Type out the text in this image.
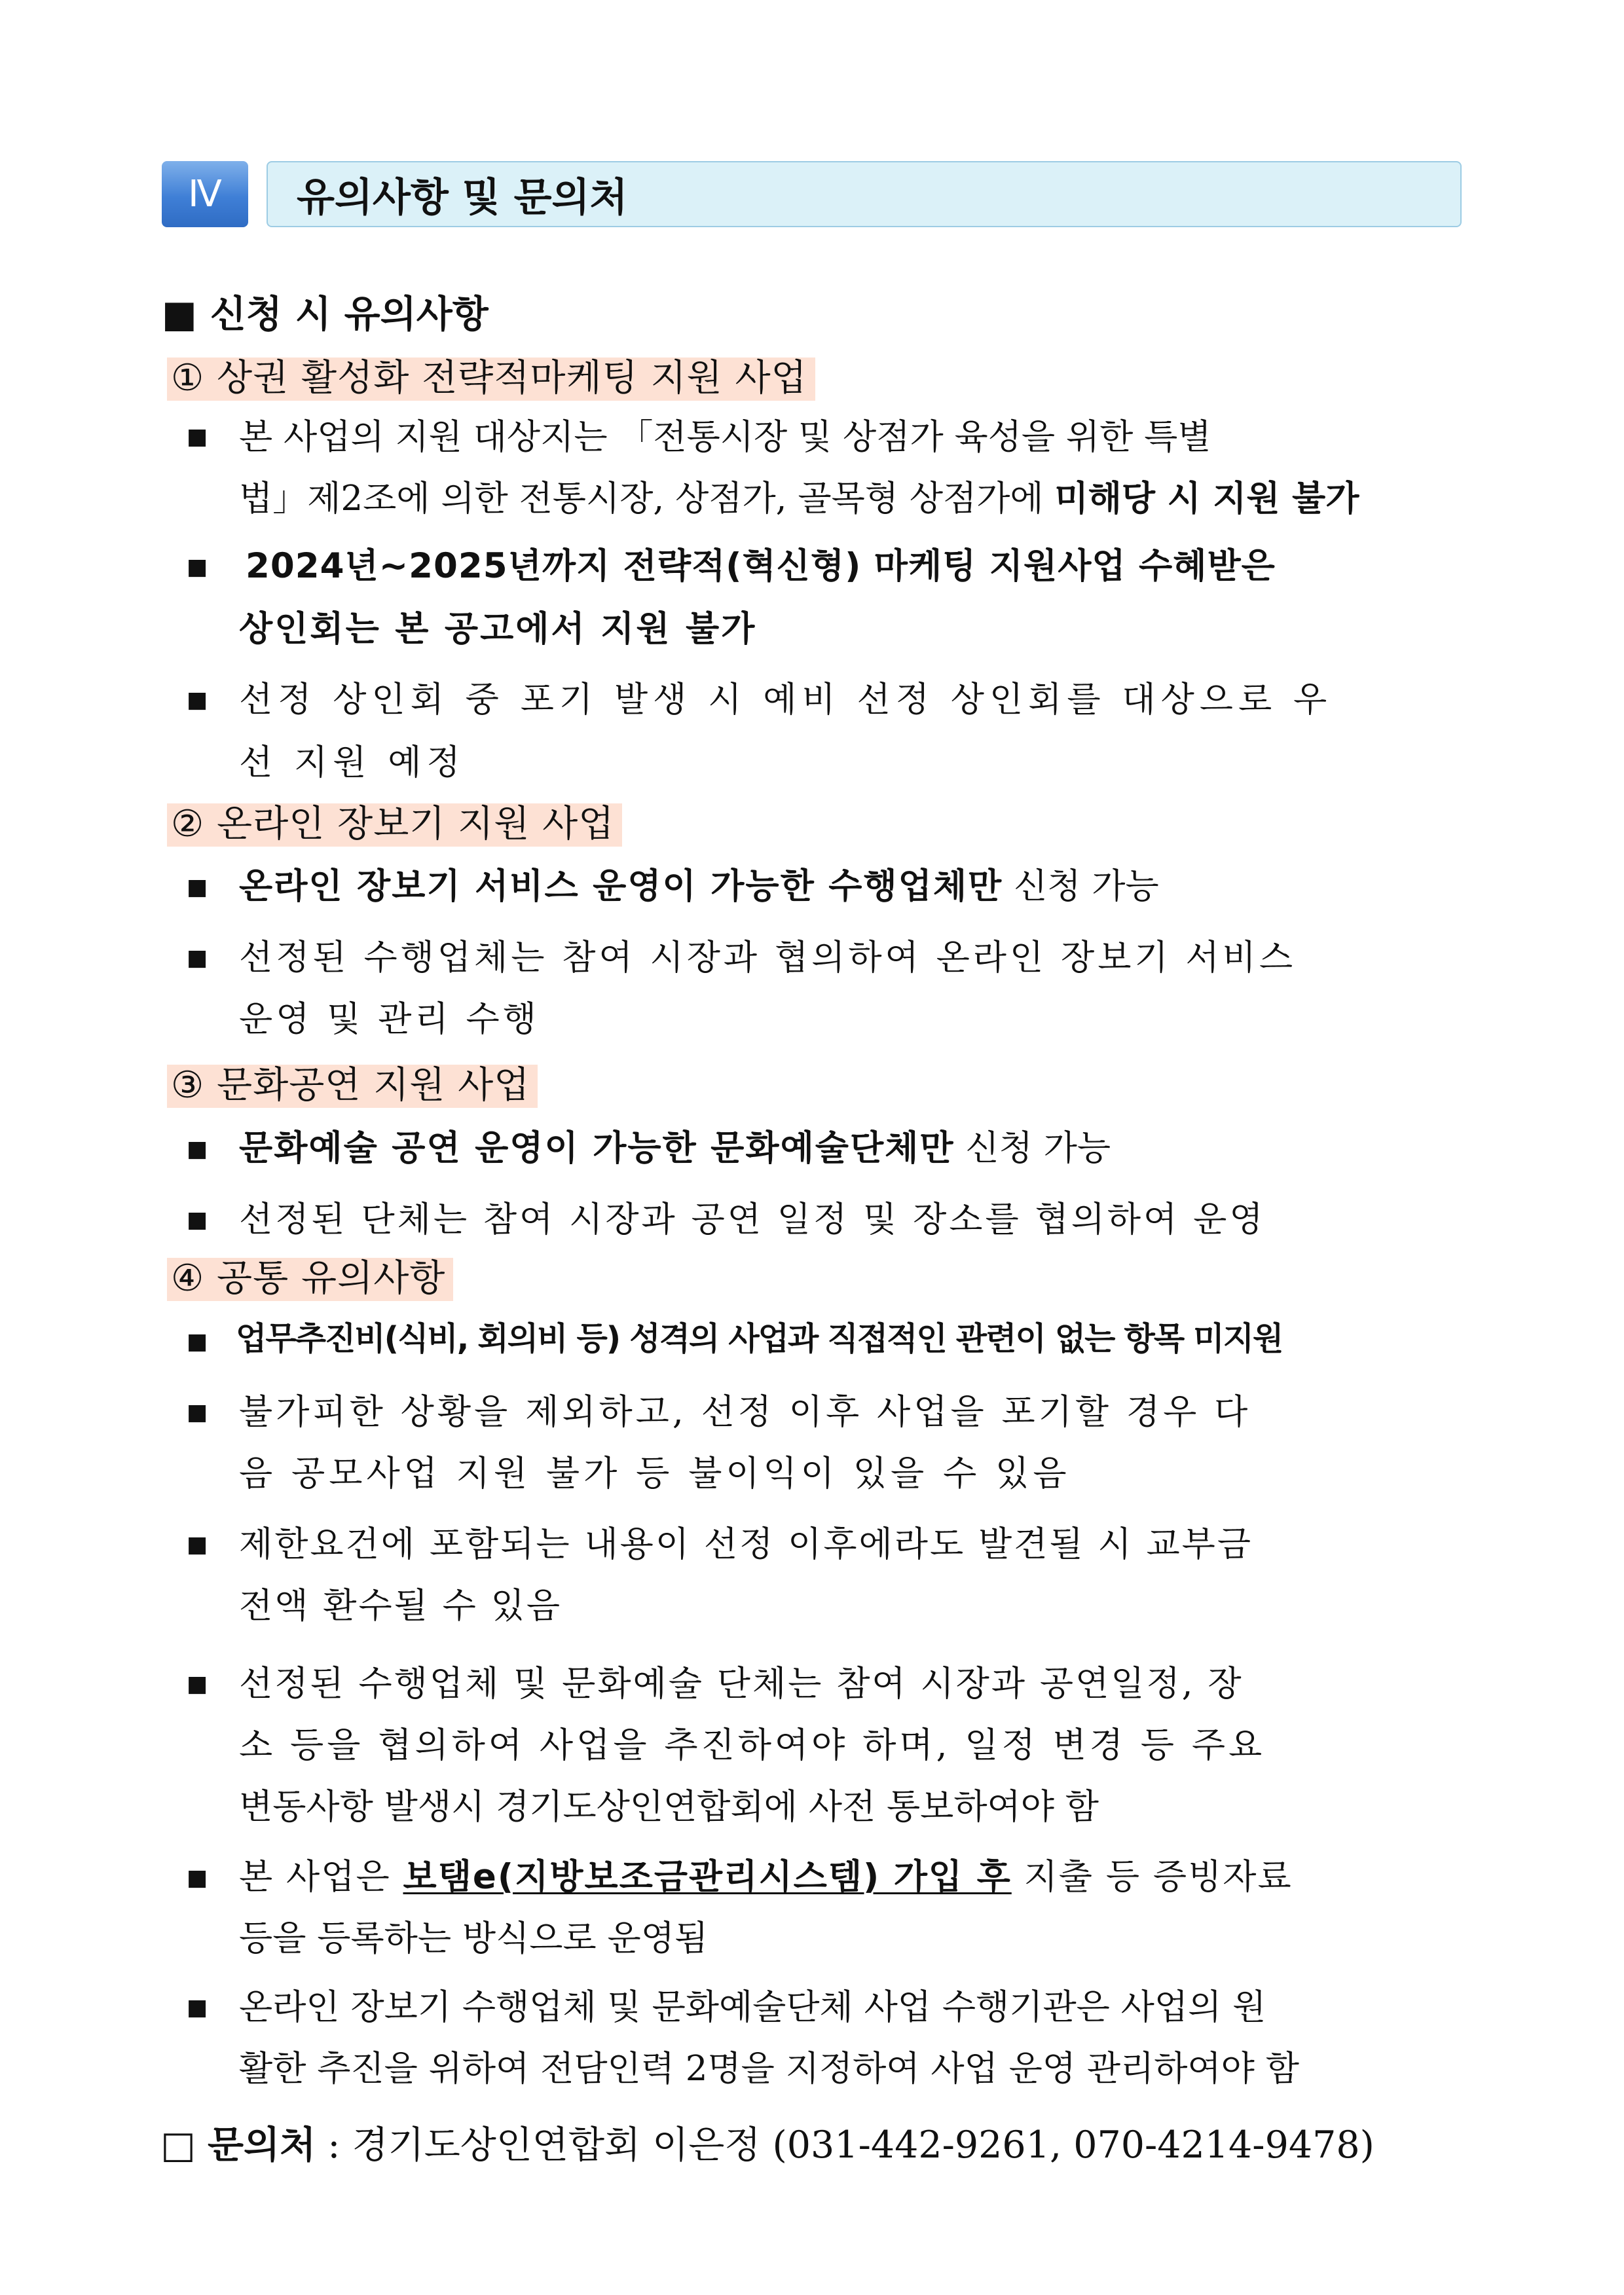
Ⅳ	유의사항 및 문의처
■ 신청 시 유의사항
① 상권 활성화 전략적마케팅 지원 사업
■ 본 사업의 지원 대상지는 「전통시장 및 상점가 육성을 위한 특별
법」제2조에 의한 전통시장, 상점가, 골목형 상점가에 미해당 시 지원 불가
■ 2024년~2025년까지 전략적(혁신형) 마케팅 지원사업 수혜받은
상인회는 본 공고에서 지원 불가
■ 선정 상인회 중 포기 발생 시 예비 선정 상인회를 대상으로 우
선 지원 예정
② 온라인 장보기 지원 사업
■ 온라인 장보기 서비스 운영이 가능한 수행업체만 신청 가능
■ 선정된 수행업체는 참여 시장과 협의하여 온라인 장보기 서비스
운영 및 관리 수행
③ 문화공연 지원 사업
■ 문화예술 공연 운영이 가능한 문화예술단체만 신청 가능
■ 선정된 단체는 참여 시장과 공연 일정 및 장소를 협의하여 운영
④ 공통 유의사항
■ 업무추진비(식비, 회의비 등) 성격의 사업과 직접적인 관련이 없는 항목 미지원
■ 불가피한 상황을 제외하고, 선정 이후 사업을 포기할 경우 다
음 공모사업 지원 불가 등 불이익이 있을 수 있음
■ 제한요건에 포함되는 내용이 선정 이후에라도 발견될 시 교부금
전액 환수될 수 있음
■ 선정된 수행업체 및 문화예술 단체는 참여 시장과 공연일정, 장
소 등을 협의하여 사업을 추진하여야 하며, 일정 변경 등 주요
변동사항 발생시 경기도상인연합회에 사전 통보하여야 함
■ 본 사업은 보탬e(지방보조금관리시스템) 가입 후 지출 등 증빙자료
등을 등록하는 방식으로 운영됨
■ 온라인 장보기 수행업체 및 문화예술단체 사업 수행기관은 사업의 원
활한 추진을 위하여 전담인력 2명을 지정하여 사업 운영 관리하여야 함
□ 문의처 : 경기도상인연합회 이은정 (031-442-9261, 070-4214-9478)
